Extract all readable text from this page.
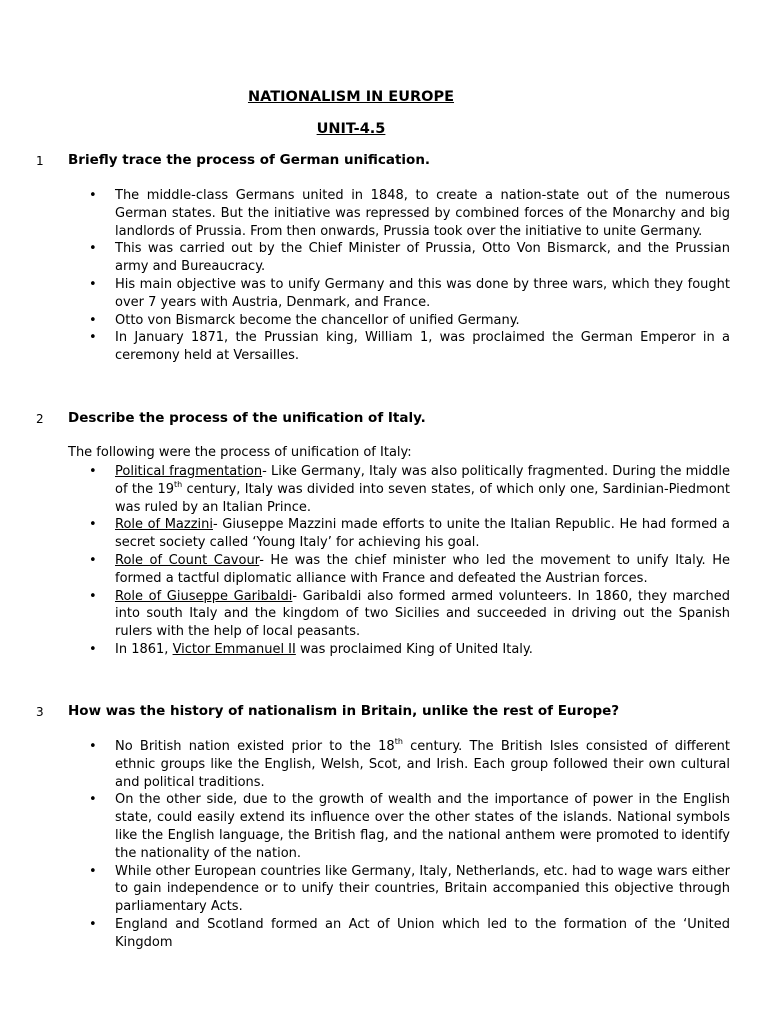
NATIONALISM IN EUROPE
UNIT-4.5
1 Briefly trace the process of German unification.
• The middle-class Germans united in 1848, to create a nation-state out of the numerous German states. But the initiative was repressed by combined forces of the Monarchy and big landlords of Prussia. From then onwards, Prussia took over the initiative to unite Germany.
• This was carried out by the Chief Minister of Prussia, Otto Von Bismarck, and the Prussian army and Bureaucracy.
• His main objective was to unify Germany and this was done by three wars, which they fought over 7 years with Austria, Denmark, and France.
• Otto von Bismarck become the chancellor of unified Germany.
• In January 1871, the Prussian king, William 1, was proclaimed the German Emperor in a ceremony held at Versailles.
2 Describe the process of the unification of Italy.
The following were the process of unification of Italy:
• Political fragmentation- Like Germany, Italy was also politically fragmented. During the middle of the 19th century, Italy was divided into seven states, of which only one, Sardinian-Piedmont was ruled by an Italian Prince.
• Role of Mazzini- Giuseppe Mazzini made efforts to unite the Italian Republic. He had formed a secret society called ‘Young Italy’ for achieving his goal.
• Role of Count Cavour- He was the chief minister who led the movement to unify Italy. He formed a tactful diplomatic alliance with France and defeated the Austrian forces.
• Role of Giuseppe Garibaldi- Garibaldi also formed armed volunteers. In 1860, they marched into south Italy and the kingdom of two Sicilies and succeeded in driving out the Spanish rulers with the help of local peasants.
• In 1861, Victor Emmanuel II was proclaimed King of United Italy.
3 How was the history of nationalism in Britain, unlike the rest of Europe?
• No British nation existed prior to the 18th century. The British Isles consisted of different ethnic groups like the English, Welsh, Scot, and Irish. Each group followed their own cultural and political traditions.
• On the other side, due to the growth of wealth and the importance of power in the English state, could easily extend its influence over the other states of the islands. National symbols like the English language, the British flag, and the national anthem were promoted to identify the nationality of the nation.
• While other European countries like Germany, Italy, Netherlands, etc. had to wage wars either to gain independence or to unify their countries, Britain accompanied this objective through parliamentary Acts.
• England and Scotland formed an Act of Union which led to the formation of the ‘United Kingdom
